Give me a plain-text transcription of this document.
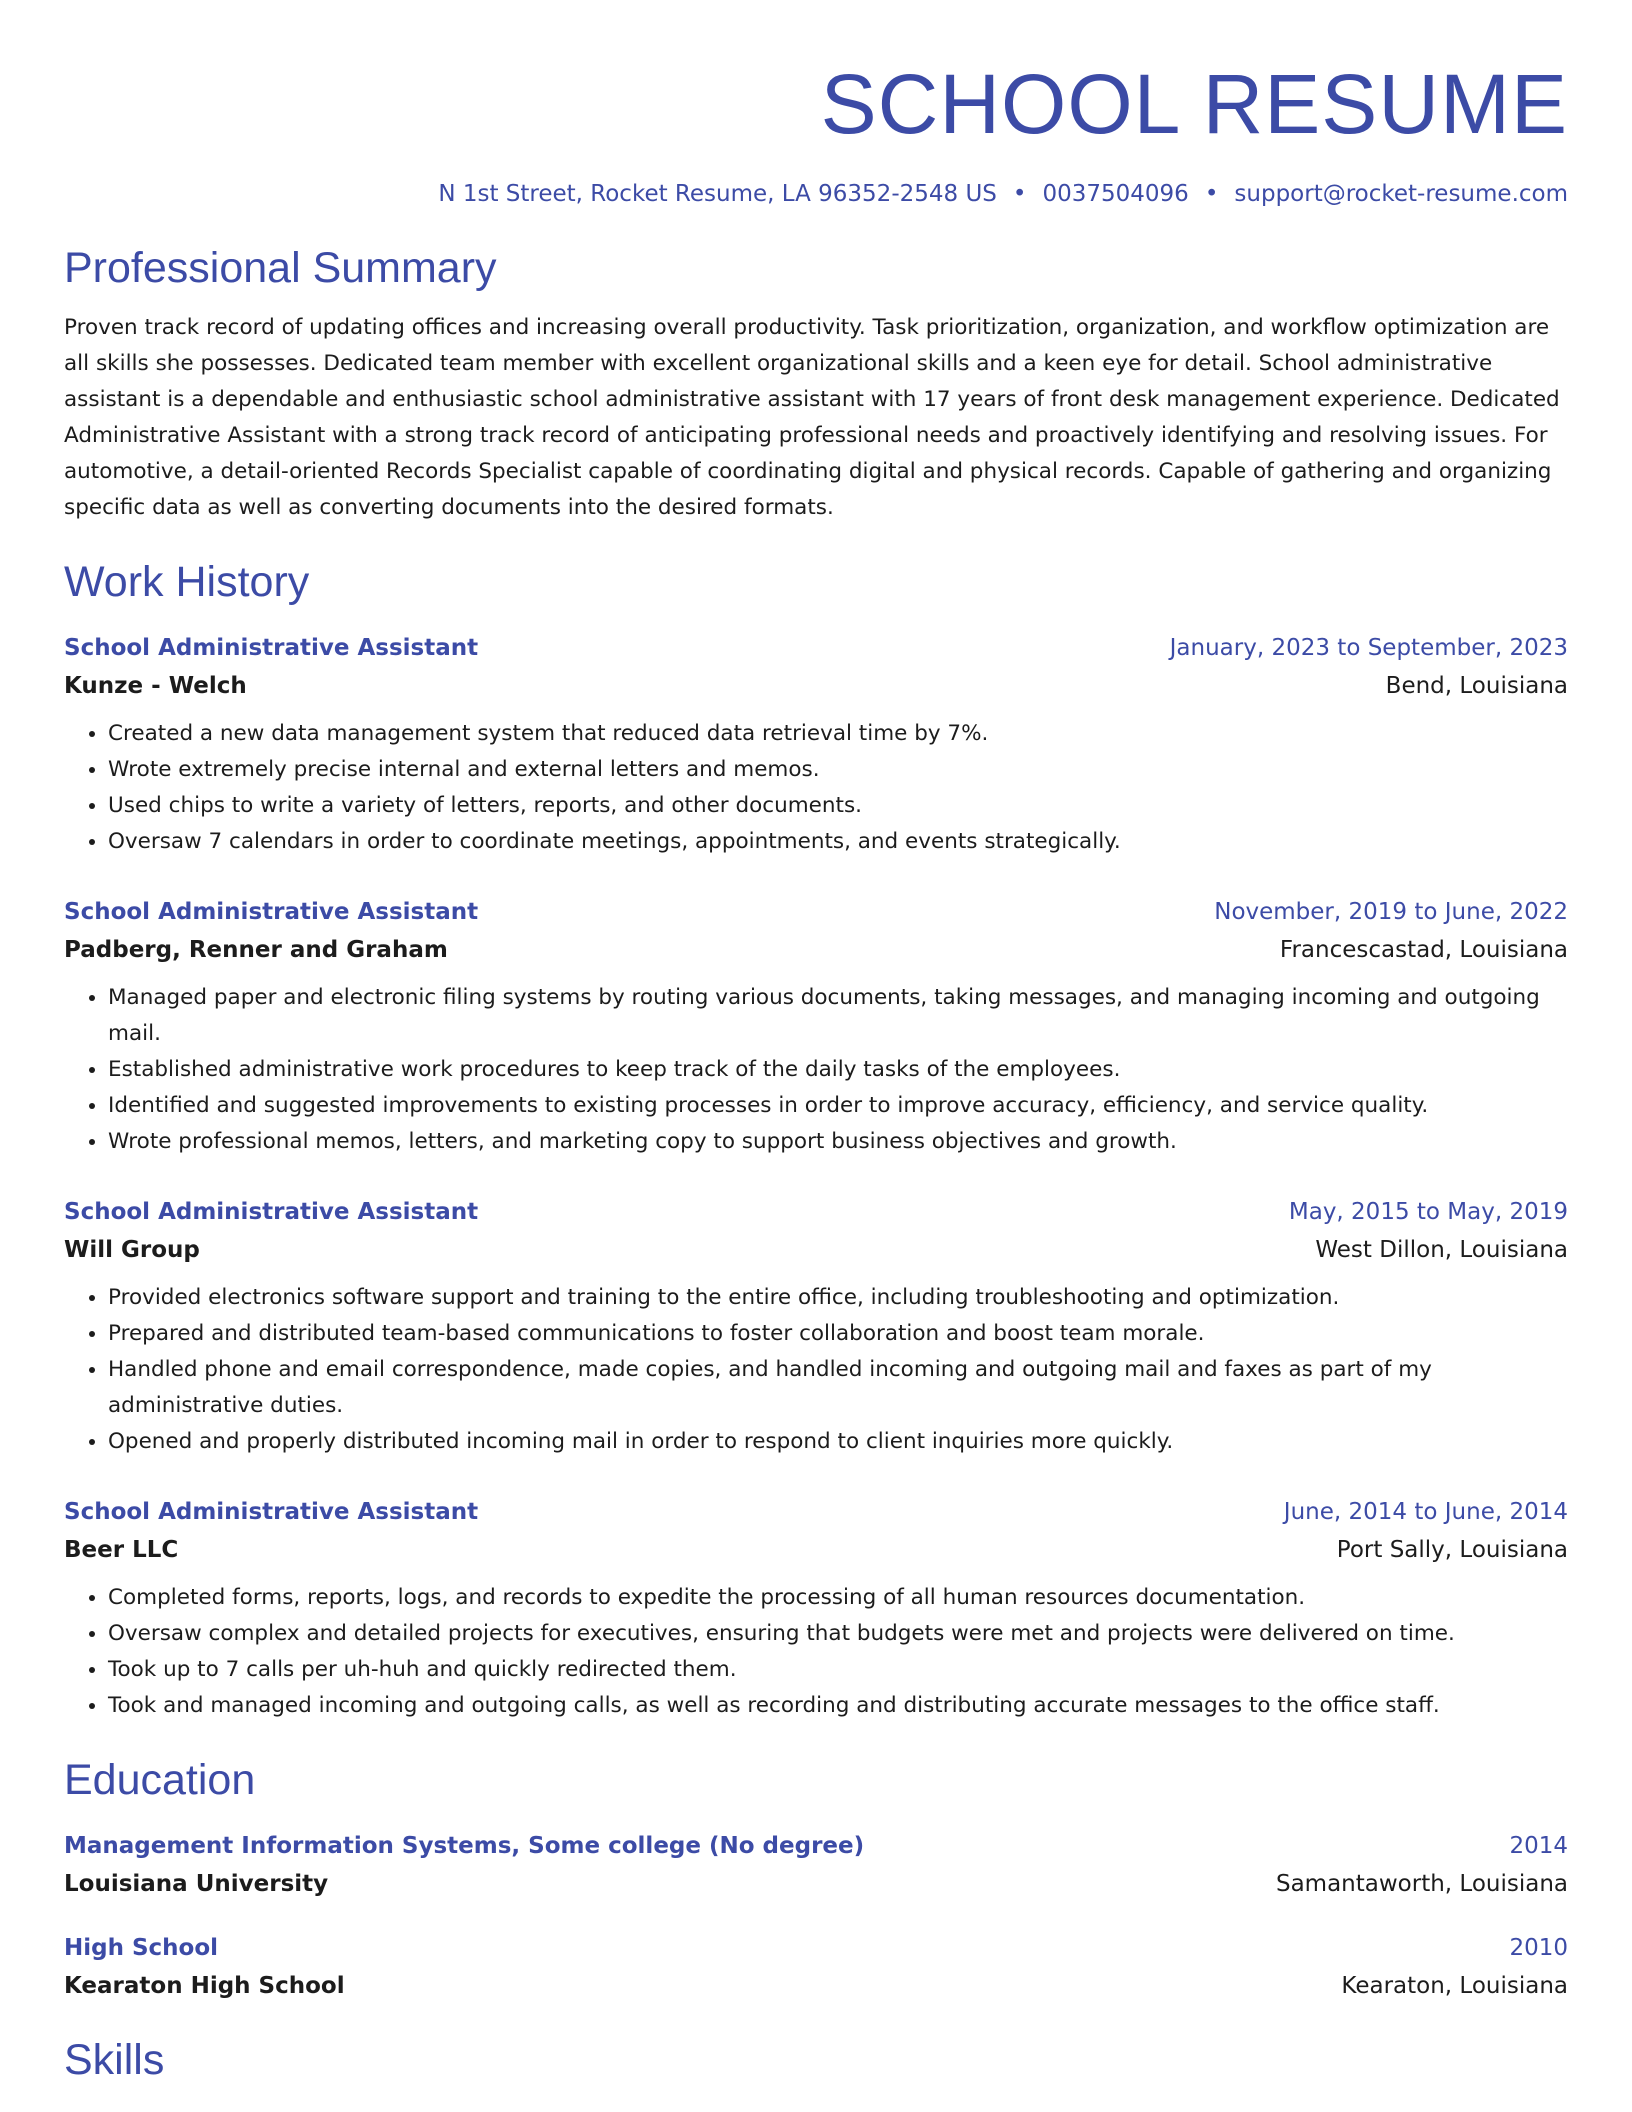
SCHOOL RESUME
N 1st Street, Rocket Resume, LA 96352-2548 US • 0037504096 • support@rocket-resume.com
Professional Summary

Proven track record of updating offices and increasing overall productivity. Task prioritization, organization, and workflow optimization are all skills she possesses. Dedicated team member with excellent organizational skills and a keen eye for detail. School administrative assistant is a dependable and enthusiastic school administrative assistant with 17 years of front desk management experience. Dedicated Administrative Assistant with a strong track record of anticipating professional needs and proactively identifying and resolving issues. For automotive, a detail-oriented Records Specialist capable of coordinating digital and physical records. Capable of gathering and organizing specific data as well as converting documents into the desired formats.

Work History
School Administrative Assistant	January, 2023 to September, 2023
Kunze - Welch	Bend, Louisiana
• Created a new data management system that reduced data retrieval time by 7%.
• Wrote extremely precise internal and external letters and memos.
• Used chips to write a variety of letters, reports, and other documents.
• Oversaw 7 calendars in order to coordinate meetings, appointments, and events strategically.
School Administrative Assistant	November, 2019 to June, 2022
Padberg, Renner and Graham	Francescastad, Louisiana
• Managed paper and electronic filing systems by routing various documents, taking messages, and managing incoming and outgoing mail.
• Established administrative work procedures to keep track of the daily tasks of the employees.
• Identified and suggested improvements to existing processes in order to improve accuracy, efficiency, and service quality.
• Wrote professional memos, letters, and marketing copy to support business objectives and growth.
School Administrative Assistant	May, 2015 to May, 2019
Will Group	West Dillon, Louisiana
• Provided electronics software support and training to the entire office, including troubleshooting and optimization.
• Prepared and distributed team-based communications to foster collaboration and boost team morale.
• Handled phone and email correspondence, made copies, and handled incoming and outgoing mail and faxes as part of my administrative duties.
• Opened and properly distributed incoming mail in order to respond to client inquiries more quickly.
School Administrative Assistant	June, 2014 to June, 2014
Beer LLC	Port Sally, Louisiana
• Completed forms, reports, logs, and records to expedite the processing of all human resources documentation.
• Oversaw complex and detailed projects for executives, ensuring that budgets were met and projects were delivered on time.
• Took up to 7 calls per uh-huh and quickly redirected them.
• Took and managed incoming and outgoing calls, as well as recording and distributing accurate messages to the office staff.
Education
Management Information Systems, Some college (No degree)	2014
Louisiana University	Samantaworth, Louisiana
High School	2010
Kearaton High School	Kearaton, Louisiana
Skills
